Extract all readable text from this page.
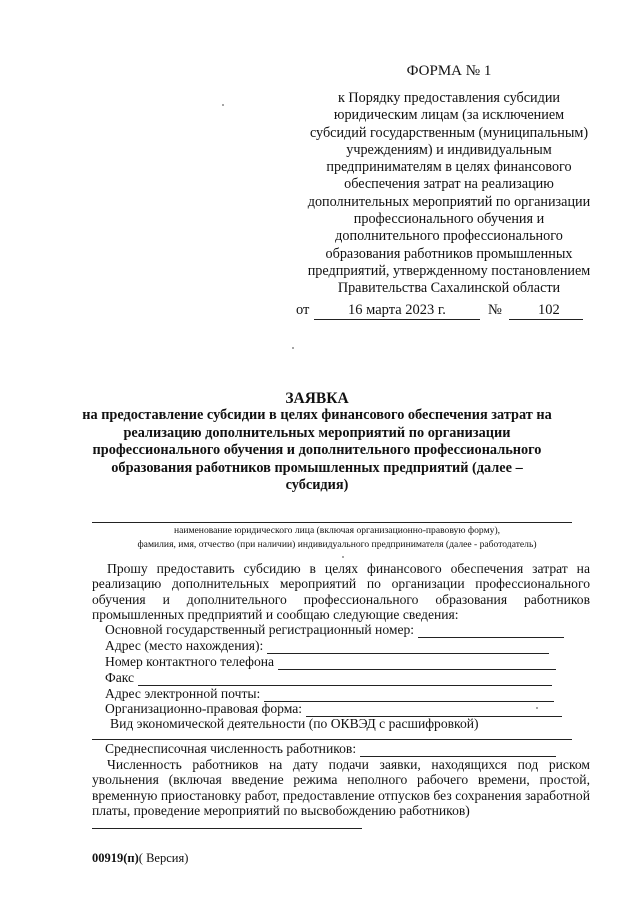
ФОРМА № 1
к Порядку предоставления субсидии
юридическим лицам (за исключением
субсидий государственным (муниципальным)
учреждениям) и индивидуальным
предпринимателям в целях финансового
обеспечения затрат на реализацию
дополнительных мероприятий по организации
профессионального обучения и
дополнительного профессионального
образования работников промышленных
предприятий, утвержденному постановлением
Правительства Сахалинской области
от	16 марта 2023 г.	№ 102
ЗАЯВКА
на предоставление субсидии в целях финансового обеспечения затрат на
реализацию дополнительных мероприятий по организации
профессионального обучения и дополнительного профессионального
образования работников промышленных предприятий (далее –
субсидия)
наименование юридического лица (включая организационно-правовую форму),
фамилия, имя, отчество (при наличии) индивидуального предпринимателя (далее - работодатель)
Прошу предоставить субсидию в целях финансового обеспечения затрат на реализацию дополнительных мероприятий по организации профессионального обучения и дополнительного профессионального образования работников промышленных предприятий и сообщаю следующие сведения:
Основной государственный регистрационный номер:
Адрес (место нахождения):
Номер контактного телефона
Факс
Адрес электронной почты:
Организационно-правовая форма:
Вид экономической деятельности (по ОКВЭД с расшифровкой)
Среднесписочная численность работников:
Численность работников на дату подачи заявки, находящихся под риском увольнения (включая введение режима неполного рабочего времени, простой, временную приостановку работ, предоставление отпусков без сохранения заработной платы, проведение мероприятий по высвобождению работников)
00919(п)( Версия)
